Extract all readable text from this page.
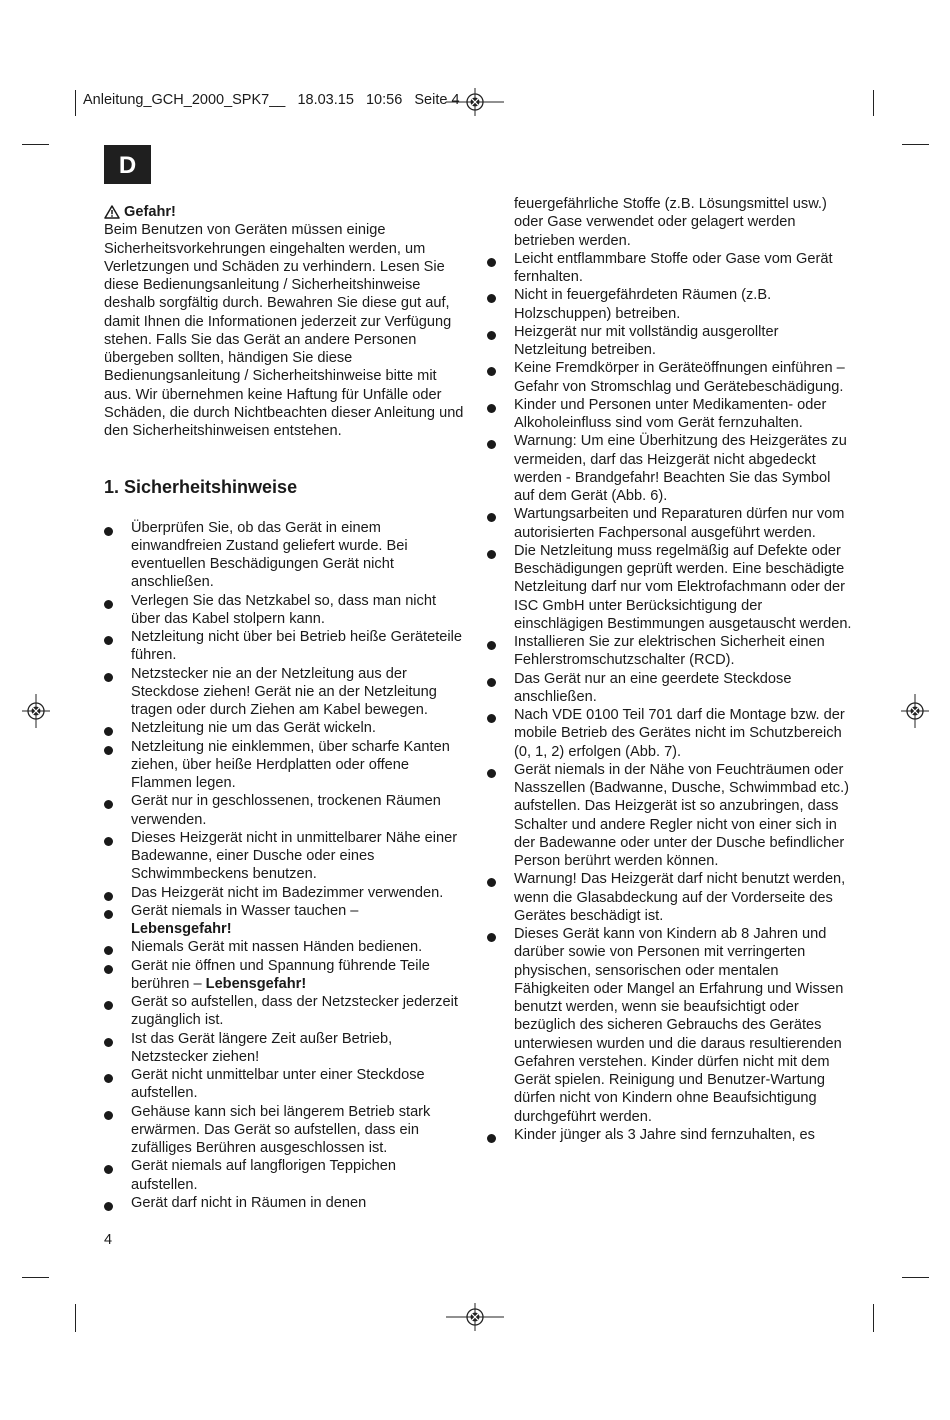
Anleitung_GCH_2000_SPK7__ 18.03.15 10:56 Seite 4
D
Gefahr!

Beim Benutzen von Geräten müssen einige Sicherheitsvorkehrungen eingehalten werden, um Verletzungen und Schäden zu verhindern. Lesen Sie diese Bedienungsanleitung / Sicherheitshinweise deshalb sorgfältig durch. Bewahren Sie diese gut auf, damit Ihnen die Informationen jederzeit zur Verfügung stehen. Falls Sie das Gerät an andere Personen übergeben sollten, händigen Sie diese Bedienungsanleitung / Sicherheitshinweise bitte mit aus. Wir übernehmen keine Haftung für Unfälle oder Schäden, die durch Nichtbeachten dieser Anleitung und den Sicherheitshinweisen entstehen.

1. Sicherheitshinweise
Überprüfen Sie, ob das Gerät in einem einwandfreien Zustand geliefert wurde. Bei eventuellen Beschädigungen Gerät nicht anschließen.
Verlegen Sie das Netzkabel so, dass man nicht über das Kabel stolpern kann.
Netzleitung nicht über bei Betrieb heiße Geräteteile führen.
Netzstecker nie an der Netzleitung aus der Steckdose ziehen! Gerät nie an der Netzleitung tragen oder durch Ziehen am Kabel bewegen.
Netzleitung nie um das Gerät wickeln.
Netzleitung nie einklemmen, über scharfe Kanten ziehen, über heiße Herdplatten oder offene Flammen legen.
Gerät nur in geschlossenen, trockenen Räumen verwenden.
Dieses Heizgerät nicht in unmittelbarer Nähe einer Badewanne, einer Dusche oder eines Schwimmbeckens benutzen.
Das Heizgerät nicht im Badezimmer verwenden.
Gerät niemals in Wasser tauchen –
Lebensgefahr!
Niemals Gerät mit nassen Händen bedienen.
Gerät nie öffnen und Spannung führende Teile berühren – Lebensgefahr!
Gerät so aufstellen, dass der Netzstecker jederzeit zugänglich ist.
Ist das Gerät längere Zeit außer Betrieb, Netzstecker ziehen!
Gerät nicht unmittelbar unter einer Steckdose aufstellen.
Gehäuse kann sich bei längerem Betrieb stark erwärmen. Das Gerät so aufstellen, dass ein zufälliges Berühren ausgeschlossen ist.
Gerät niemals auf langflorigen Teppichen aufstellen.
Gerät darf nicht in Räumen in denen

feuergefährliche Stoffe (z.B. Lösungsmittel usw.) oder Gase verwendet oder gelagert werden betrieben werden.

Leicht entflammbare Stoffe oder Gase vom Gerät fernhalten.
Nicht in feuergefährdeten Räumen (z.B. Holzschuppen) betreiben.
Heizgerät nur mit vollständig ausgerollter Netzleitung betreiben.
Keine Fremdkörper in Geräteöffnungen einführen – Gefahr von Stromschlag und Gerätebeschädigung.
Kinder und Personen unter Medikamenten- oder Alkoholeinfluss sind vom Gerät fernzuhalten.
Warnung: Um eine Überhitzung des Heizgerätes zu vermeiden, darf das Heizgerät nicht abgedeckt werden - Brandgefahr! Beachten Sie das Symbol auf dem Gerät (Abb. 6).
Wartungsarbeiten und Reparaturen dürfen nur vom autorisierten Fachpersonal ausgeführt werden.
Die Netzleitung muss regelmäßig auf Defekte oder Beschädigungen geprüft werden. Eine beschädigte Netzleitung darf nur vom Elektrofachmann oder der ISC GmbH unter Berücksichtigung der einschlägigen Bestimmungen ausgetauscht werden.
Installieren Sie zur elektrischen Sicherheit einen Fehlerstromschutzschalter (RCD).
Das Gerät nur an eine geerdete Steckdose anschließen.
Nach VDE 0100 Teil 701 darf die Montage bzw. der mobile Betrieb des Gerätes nicht im Schutzbereich (0, 1, 2) erfolgen (Abb. 7).
Gerät niemals in der Nähe von Feuchträumen oder Nasszellen (Badwanne, Dusche, Schwimmbad etc.) aufstellen. Das Heizgerät ist so anzubringen, dass Schalter und andere Regler nicht von einer sich in der Badewanne oder unter der Dusche befindlicher Person berührt werden können.
Warnung! Das Heizgerät darf nicht benutzt werden, wenn die Glasabdeckung auf der Vorderseite des Gerätes beschädigt ist.
Dieses Gerät kann von Kindern ab 8 Jahren und darüber sowie von Personen mit verringerten physischen, sensorischen oder mentalen Fähigkeiten oder Mangel an Erfahrung und Wissen benutzt werden, wenn sie beaufsichtigt oder bezüglich des sicheren Gebrauchs des Gerätes unterwiesen wurden und die daraus resultierenden Gefahren verstehen. Kinder dürfen nicht mit dem Gerät spielen. Reinigung und Benutzer-Wartung dürfen nicht von Kindern ohne Beaufsichtigung durchgeführt werden.
Kinder jünger als 3 Jahre sind fernzuhalten, es
4
